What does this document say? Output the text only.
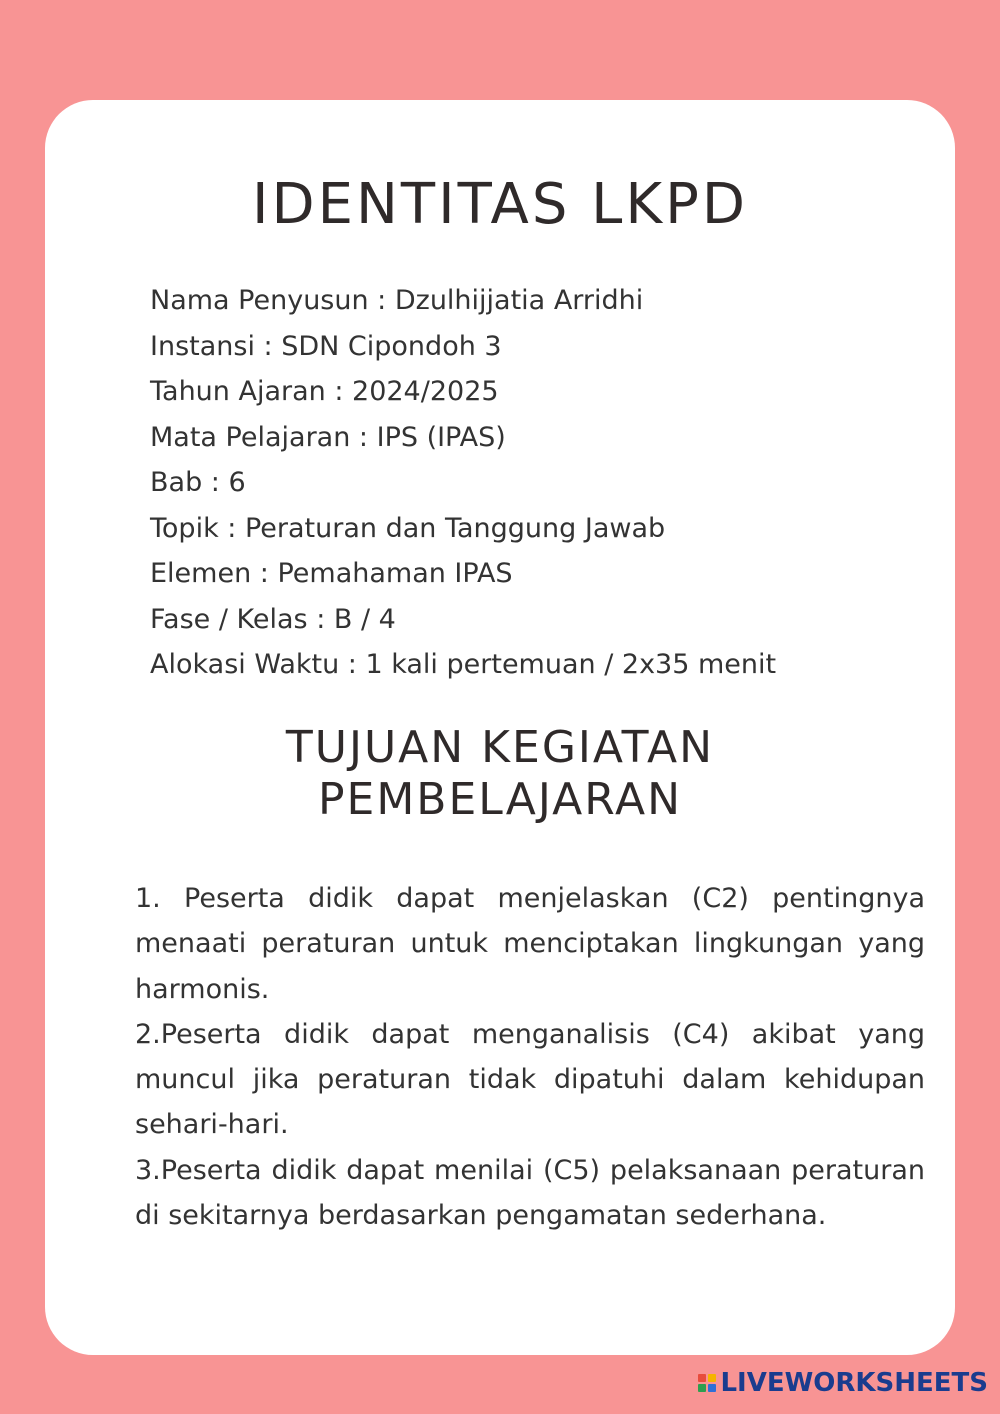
IDENTITAS LKPD
Nama Penyusun : Dzulhijjatia Arridhi
Instansi : SDN Cipondoh 3
Tahun Ajaran : 2024/2025
Mata Pelajaran : IPS (IPAS)
Bab : 6
Topik : Peraturan dan Tanggung Jawab
Elemen : Pemahaman IPAS
Fase / Kelas : B / 4
Alokasi Waktu : 1 kali pertemuan / 2x35 menit
TUJUAN KEGIATAN
PEMBELAJARAN

1. Peserta didik dapat menjelaskan (C2) pentingnya menaati peraturan untuk menciptakan lingkungan yang harmonis.

2.Peserta didik dapat menganalisis (C4) akibat yang muncul jika peraturan tidak dipatuhi dalam kehidupan sehari-hari.

3.Peserta didik dapat menilai (C5) pelaksanaan peraturan di sekitarnya berdasarkan pengamatan sederhana.

LIVEWORKSHEETS
